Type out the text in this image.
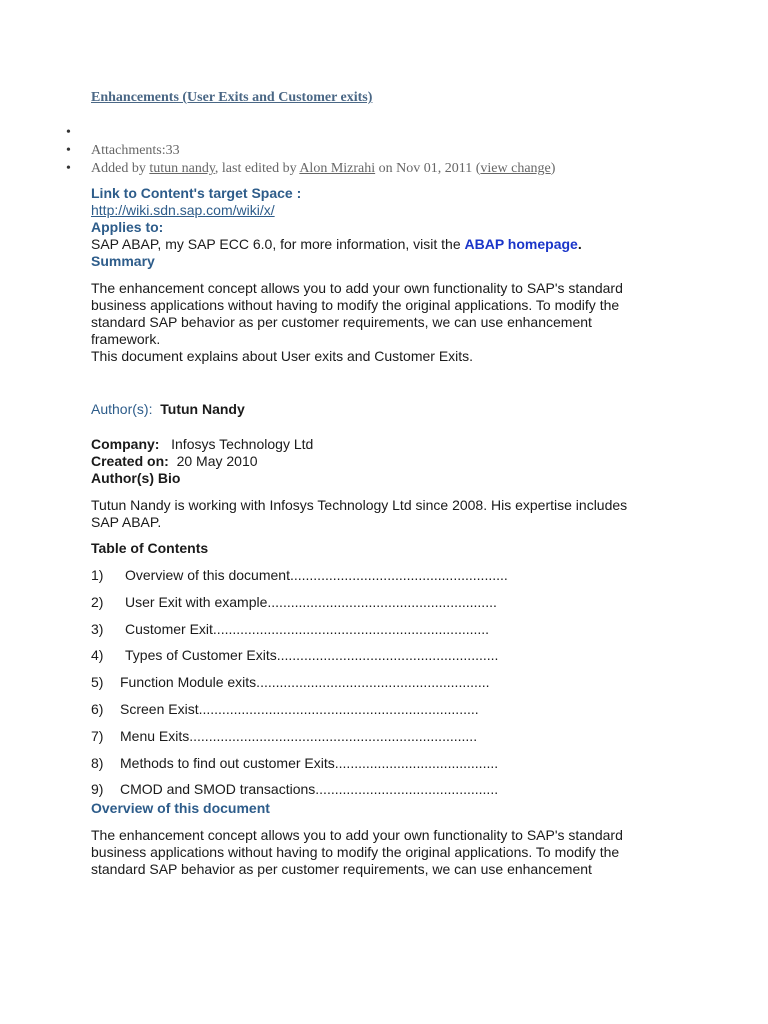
Enhancements (User Exits and Customer exits)
•
• Attachments:33
• Added by tutun nandy, last edited by Alon Mizrahi on Nov 01, 2011 (view change)
Link to Content's target Space :
http://wiki.sdn.sap.com/wiki/x/
Applies to:
SAP ABAP, my SAP ECC 6.0, for more information, visit the ABAP homepage.
Summary

The enhancement concept allows you to add your own functionality to SAP's standard
business applications without having to modify the original applications. To modify the
standard SAP behavior as per customer requirements, we can use enhancement
framework.
This document explains about User exits and Customer Exits.

Author(s): Tutun Nandy
Company: Infosys Technology Ltd
Created on: 20 May 2010
Author(s) Bio

Tutun Nandy is working with Infosys Technology Ltd since 2008. His expertise includes
SAP ABAP.

Table of Contents
1) Overview of this document........................................................
2) User Exit with example...........................................................
3) Customer Exit.......................................................................
4) Types of Customer Exits.........................................................
5) Function Module exits............................................................
6) Screen Exist........................................................................
7) Menu Exits..........................................................................
8) Methods to find out customer Exits..........................................
9) CMOD and SMOD transactions...............................................
Overview of this document

The enhancement concept allows you to add your own functionality to SAP's standard
business applications without having to modify the original applications. To modify the
standard SAP behavior as per customer requirements, we can use enhancement
